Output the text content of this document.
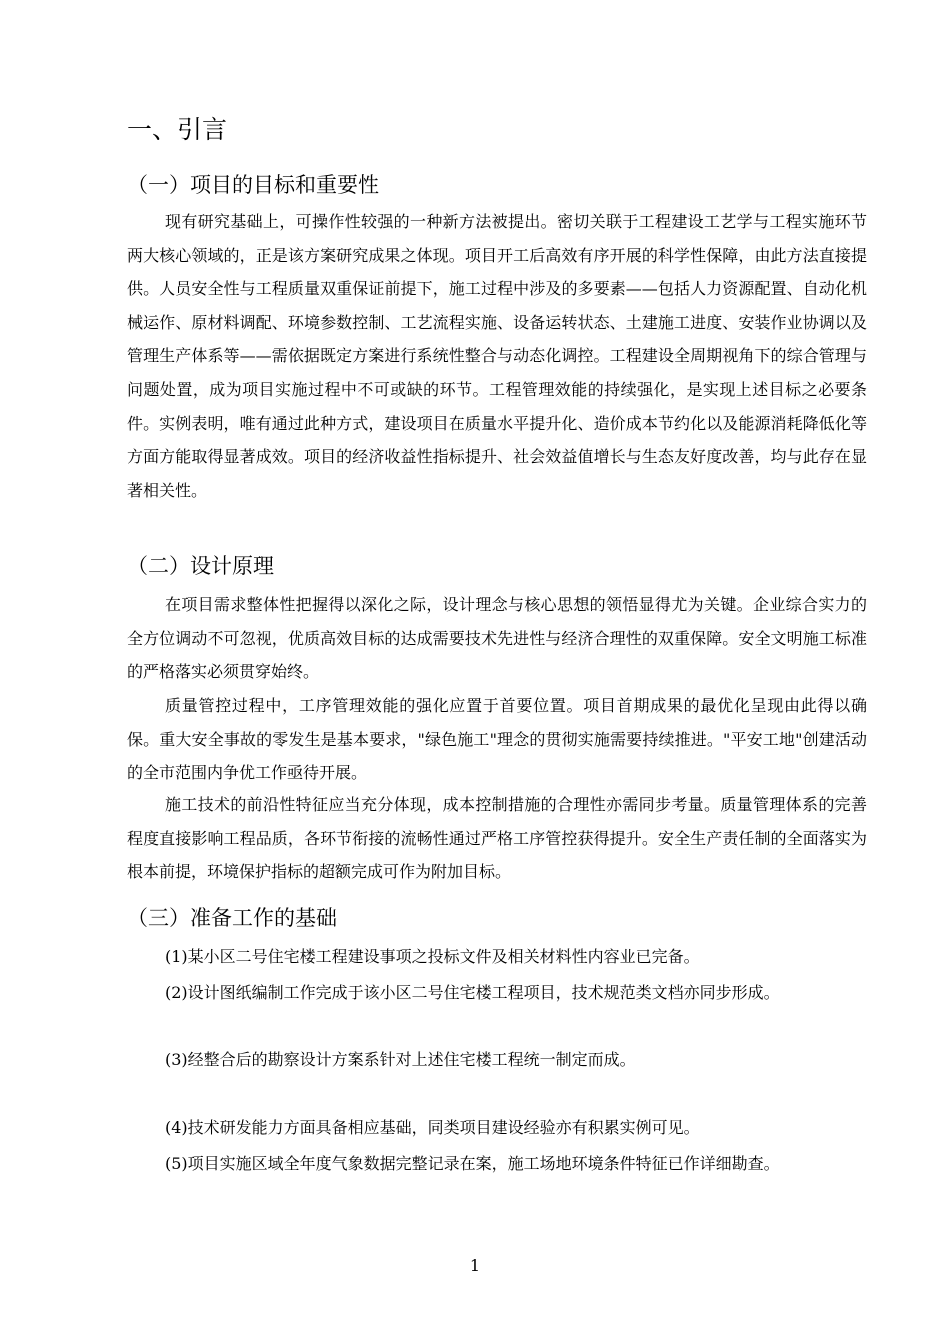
一、引言
（一）项目的目标和重要性

现有研究基础上，可操作性较强的一种新方法被提出。密切关联于工程建设工艺学与工程实施环节两大核心领域的，正是该方案研究成果之体现。项目开工后高效有序开展的科学性保障，由此方法直接提供。人员安全性与工程质量双重保证前提下，施工过程中涉及的多要素——包括人力资源配置、自动化机械运作、原材料调配、环境参数控制、工艺流程实施、设备运转状态、土建施工进度、安装作业协调以及管理生产体系等——需依据既定方案进行系统性整合与动态化调控。工程建设全周期视角下的综合管理与问题处置，成为项目实施过程中不可或缺的环节。工程管理效能的持续强化，是实现上述目标之必要条件。实例表明，唯有通过此种方式，建设项目在质量水平提升化、造价成本节约化以及能源消耗降低化等方面方能取得显著成效。项目的经济收益性指标提升、社会效益值增长与生态友好度改善，均与此存在显著相关性。

（二）设计原理

在项目需求整体性把握得以深化之际，设计理念与核心思想的领悟显得尤为关键。企业综合实力的全方位调动不可忽视，优质高效目标的达成需要技术先进性与经济合理性的双重保障。安全文明施工标准的严格落实必须贯穿始终。

质量管控过程中，工序管理效能的强化应置于首要位置。项目首期成果的最优化呈现由此得以确保。重大安全事故的零发生是基本要求，"绿色施工"理念的贯彻实施需要持续推进。"平安工地"创建活动的全市范围内争优工作亟待开展。

施工技术的前沿性特征应当充分体现，成本控制措施的合理性亦需同步考量。质量管理体系的完善程度直接影响工程品质，各环节衔接的流畅性通过严格工序管控获得提升。安全生产责任制的全面落实为根本前提，环境保护指标的超额完成可作为附加目标。

（三）准备工作的基础

(1)某小区二号住宅楼工程建设事项之投标文件及相关材料性内容业已完备。

(2)设计图纸编制工作完成于该小区二号住宅楼工程项目，技术规范类文档亦同步形成。

(3)经整合后的勘察设计方案系针对上述住宅楼工程统一制定而成。

(4)技术研发能力方面具备相应基础，同类项目建设经验亦有积累实例可见。

(5)项目实施区域全年度气象数据完整记录在案，施工场地环境条件特征已作详细勘查。

1
